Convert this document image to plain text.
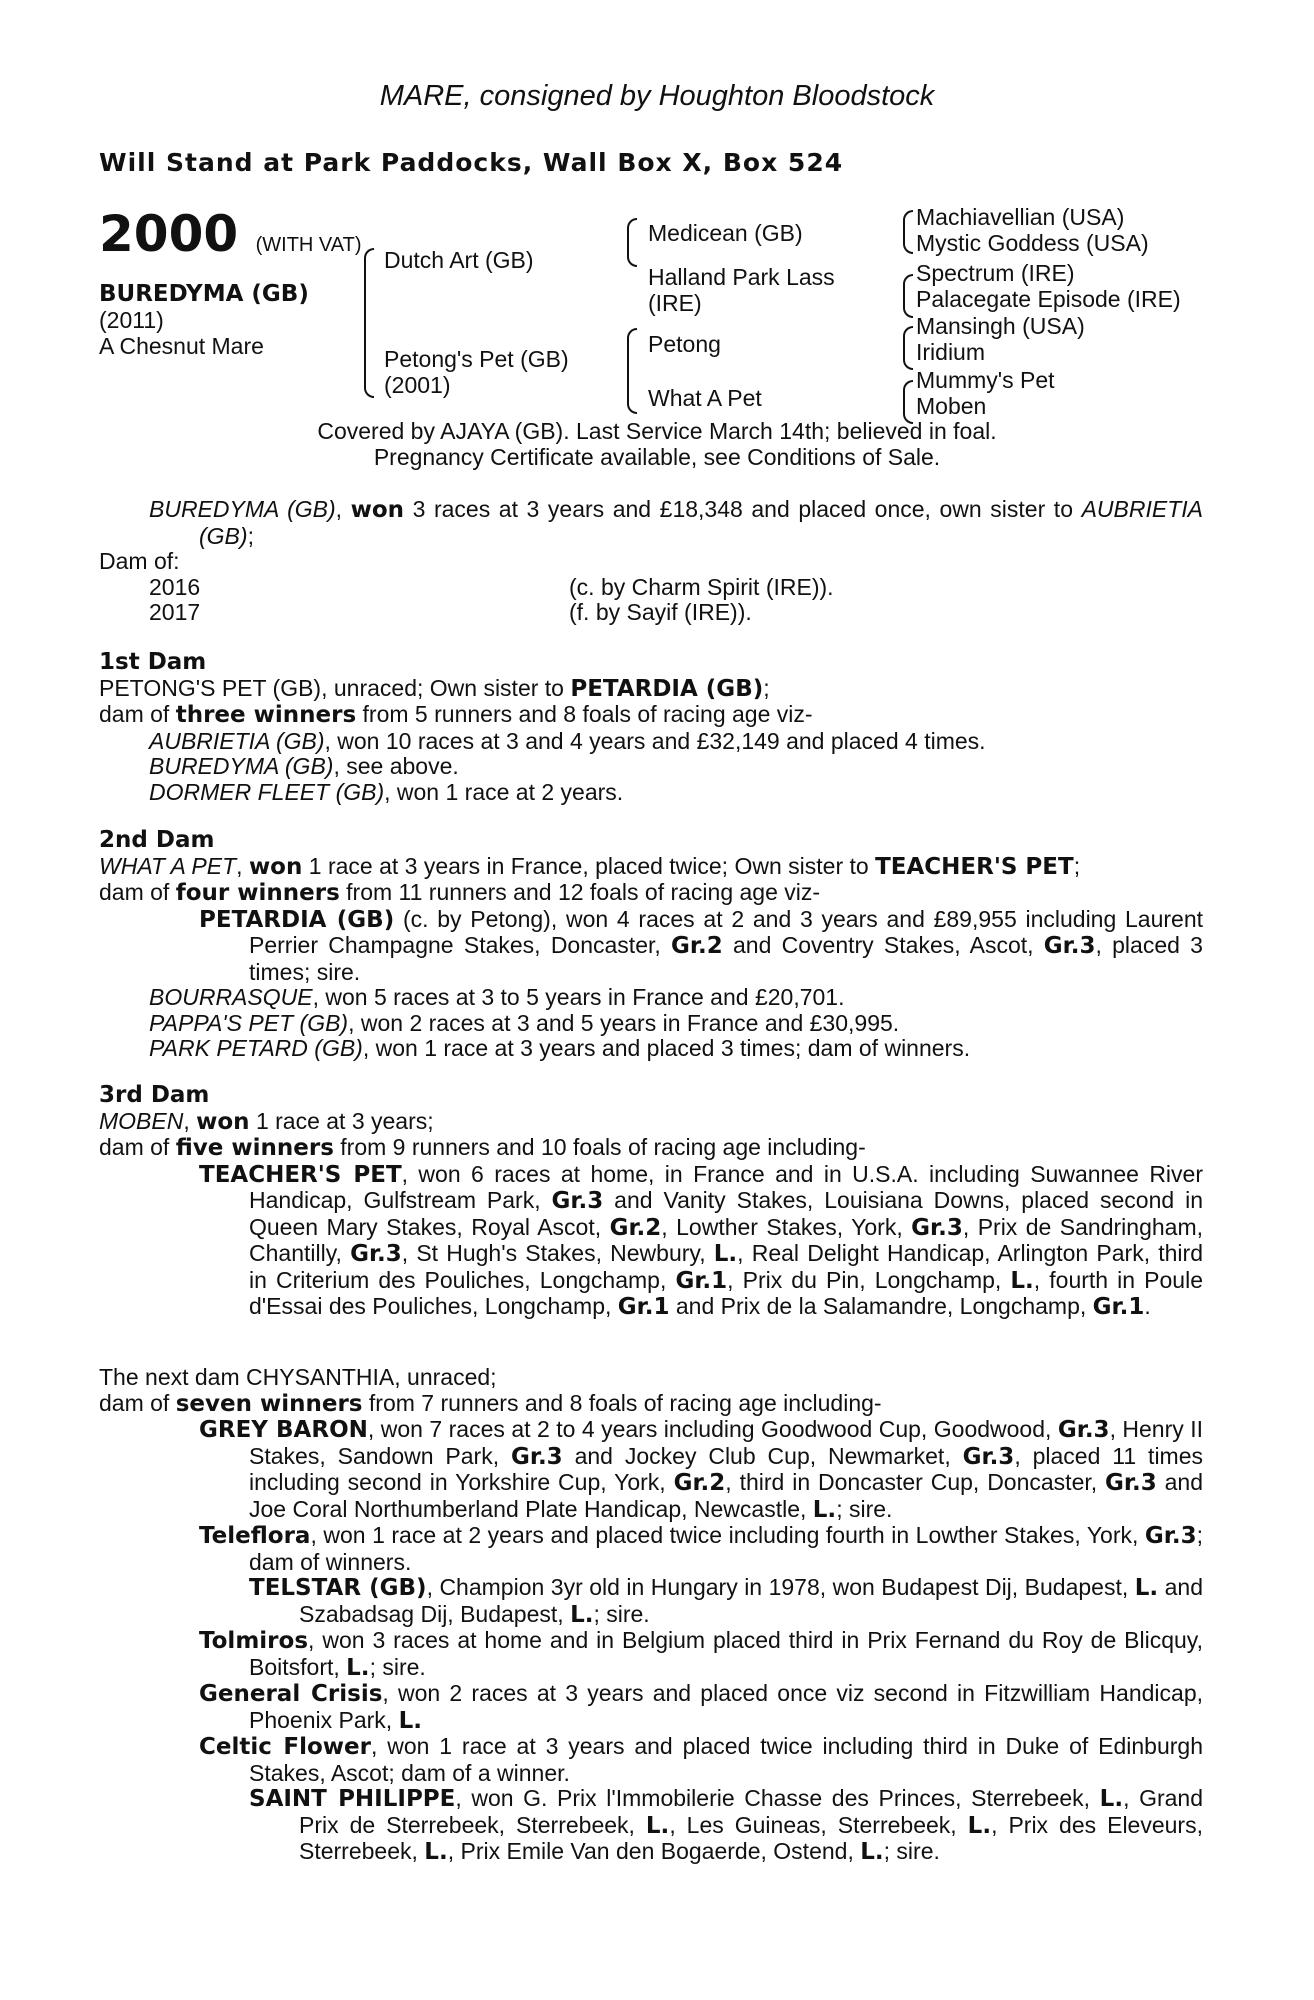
MARE, consigned by Houghton Bloodstock
Will Stand at Park Paddocks, Wall Box X, Box 524
2000 (WITH VAT)
BUREDYMA (GB)
(2011)
A Chesnut Mare
Dutch Art (GB)
Petong's Pet (GB)
(2001)
Medicean (GB)
Halland Park Lass
(IRE)
Petong
What A Pet
Machiavellian (USA)
Mystic Goddess (USA)
Spectrum (IRE)
Palacegate Episode (IRE)
Mansingh (USA)
Iridium
Mummy's Pet
Moben
Covered by AJAYA (GB). Last Service March 14th; believed in foal.
Pregnancy Certificate available, see Conditions of Sale.

BUREDYMA (GB), won 3 races at 3 years and £18,348 and placed once, own sister to AUBRIETIA (GB);

Dam of:

2016	(c. by Charm Spirit (IRE)).
2017	(f. by Sayif (IRE)).

1st Dam

PETONG'S PET (GB), unraced; Own sister to PETARDIA (GB);

dam of three winners from 5 runners and 8 foals of racing age viz-

AUBRIETIA (GB), won 10 races at 3 and 4 years and £32,149 and placed 4 times.

BUREDYMA (GB), see above.

DORMER FLEET (GB), won 1 race at 2 years.

2nd Dam

WHAT A PET, won 1 race at 3 years in France, placed twice; Own sister to TEACHER'S PET;

dam of four winners from 11 runners and 12 foals of racing age viz-

PETARDIA (GB) (c. by Petong), won 4 races at 2 and 3 years and £89,955 including Laurent Perrier Champagne Stakes, Doncaster, Gr.2 and Coventry Stakes, Ascot, Gr.3, placed 3 times; sire.

BOURRASQUE, won 5 races at 3 to 5 years in France and £20,701.

PAPPA'S PET (GB), won 2 races at 3 and 5 years in France and £30,995.

PARK PETARD (GB), won 1 race at 3 years and placed 3 times; dam of winners.

3rd Dam

MOBEN, won 1 race at 3 years;

dam of five winners from 9 runners and 10 foals of racing age including-

TEACHER'S PET, won 6 races at home, in France and in U.S.A. including Suwannee River Handicap, Gulfstream Park, Gr.3 and Vanity Stakes, Louisiana Downs, placed second in Queen Mary Stakes, Royal Ascot, Gr.2, Lowther Stakes, York, Gr.3, Prix de Sandringham, Chantilly, Gr.3, St Hugh's Stakes, Newbury, L., Real Delight Handicap, Arlington Park, third in Criterium des Pouliches, Longchamp, Gr.1, Prix du Pin, Longchamp, L., fourth in Poule d'Essai des Pouliches, Longchamp, Gr.1 and Prix de la Salamandre, Longchamp, Gr.1.

The next dam CHYSANTHIA, unraced;

dam of seven winners from 7 runners and 8 foals of racing age including-

GREY BARON, won 7 races at 2 to 4 years including Goodwood Cup, Goodwood, Gr.3, Henry II Stakes, Sandown Park, Gr.3 and Jockey Club Cup, Newmarket, Gr.3, placed 11 times including second in Yorkshire Cup, York, Gr.2, third in Doncaster Cup, Doncaster, Gr.3 and Joe Coral Northumberland Plate Handicap, Newcastle, L.; sire.

Teleflora, won 1 race at 2 years and placed twice including fourth in Lowther Stakes, York, Gr.3; dam of winners.

TELSTAR (GB), Champion 3yr old in Hungary in 1978, won Budapest Dij, Budapest, L. and Szabadsag Dij, Budapest, L.; sire.

Tolmiros, won 3 races at home and in Belgium placed third in Prix Fernand du Roy de Blicquy, Boitsfort, L.; sire.

General Crisis, won 2 races at 3 years and placed once viz second in Fitzwilliam Handicap, Phoenix Park, L.

Celtic Flower, won 1 race at 3 years and placed twice including third in Duke of Edinburgh Stakes, Ascot; dam of a winner.

SAINT PHILIPPE, won G. Prix l'Immobilerie Chasse des Princes, Sterrebeek, L., Grand Prix de Sterrebeek, Sterrebeek, L., Les Guineas, Sterrebeek, L., Prix des Eleveurs, Sterrebeek, L., Prix Emile Van den Bogaerde, Ostend, L.; sire.
